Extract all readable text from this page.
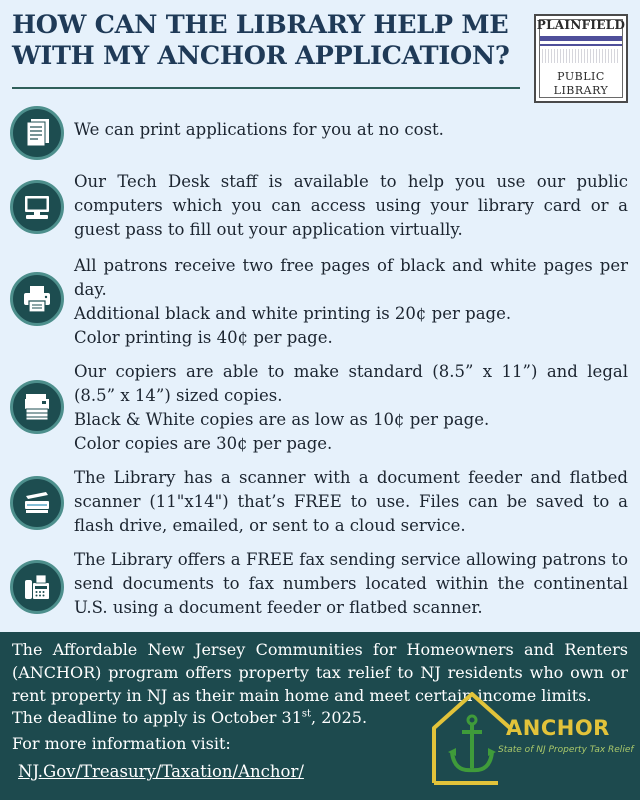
HOW CAN THE LIBRARY HELP ME
WITH MY ANCHOR APPLICATION?
PLAINFIELD
PUBLIC
LIBRARY

We can print applications for you at no cost.

Our Tech Desk staff is available to help you use our public computers which you can access using your library card or a guest pass to fill out your application virtually.

All patrons receive two free pages of black and white pages per day.

Additional black and white printing is 20¢ per page.

Color printing is 40¢ per page.

Our copiers are able to make standard (8.5” x 11”) and legal (8.5” x 14”) sized copies.

Black & White copies are as low as 10¢ per page.

Color copies are 30¢ per page.

The Library has a scanner with a document feeder and flatbed scanner (11"x14") that’s FREE to use. Files can be saved to a flash drive, emailed, or sent to a cloud service.

The Library offers a FREE fax sending service allowing patrons to send documents to fax numbers located within the continental U.S. using a document feeder or flatbed scanner.

The Affordable New Jersey Communities for Homeowners and Renters (ANCHOR) program offers property tax relief to NJ residents who own or rent property in NJ as their main home and meet certain income limits.
The deadline to apply is October 31st, 2025.
For more information visit:
NJ.Gov/Treasury/Taxation/Anchor/
ANCHOR
State of NJ Property Tax Relief
